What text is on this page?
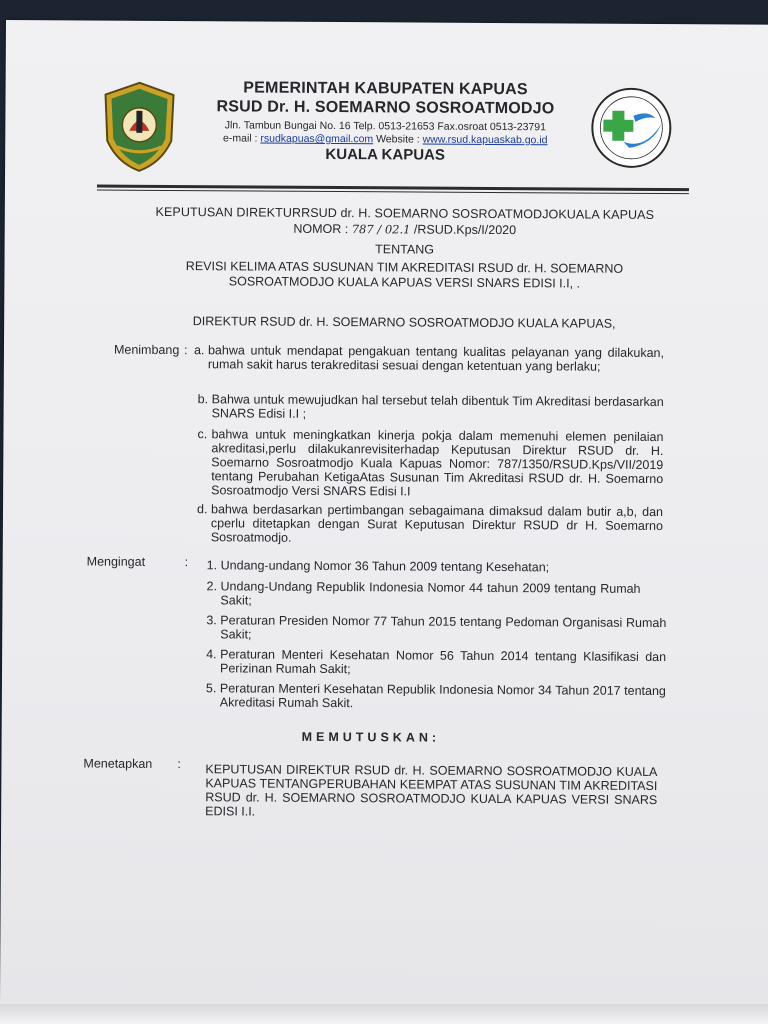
PEMERINTAH KABUPATEN KAPUAS
RSUD Dr. H. SOEMARNO SOSROATMODJO
Jln. Tambun Bungai No. 16 Telp. 0513-21653 Fax.osroat 0513-23791
e-mail : rsudkapuas@gmail.com Website : www.rsud.kapuaskab.go.id
KUALA KAPUAS
KEPUTUSAN DIREKTURRSUD dr. H. SOEMARNO SOSROATMODJOKUALA KAPUAS
NOMOR : 787 / 02.1 /RSUD.Kps/I/2020
TENTANG
REVISI KELIMA ATAS SUSUNAN TIM AKREDITASI RSUD dr. H. SOEMARNO
SOSROATMODJO KUALA KAPUAS VERSI SNARS EDISI I.I, .
DIREKTUR RSUD dr. H. SOEMARNO SOSROATMODJO KUALA KAPUAS,
Menimbang : a. bahwa untuk mendapat pengakuan tentang kualitas pelayanan yang dilakukan, rumah sakit harus terakreditasi sesuai dengan ketentuan yang berlaku;
b. Bahwa untuk mewujudkan hal tersebut telah dibentuk Tim Akreditasi berdasarkan SNARS Edisi I.I ;
c. bahwa untuk meningkatkan kinerja pokja dalam memenuhi elemen penilaian akreditasi,perlu dilakukanrevisiterhadap Keputusan Direktur RSUD dr. H. Soemarno Sosroatmodjo Kuala Kapuas Nomor: 787/1350/RSUD.Kps/VII/2019 tentang Perubahan KetigaAtas Susunan Tim Akreditasi RSUD dr. H. Soemarno Sosroatmodjo Versi SNARS Edisi I.I
d. bahwa berdasarkan pertimbangan sebagaimana dimaksud dalam butir a,b, dan cperlu ditetapkan dengan Surat Keputusan Direktur RSUD dr H. Soemarno Sosroatmodjo.
Mengingat	: 1. Undang-undang Nomor 36 Tahun 2009 tentang Kesehatan;
2. Undang-Undang Republik Indonesia Nomor 44 tahun 2009 tentang Rumah Sakit;
3. Peraturan Presiden Nomor 77 Tahun 2015 tentang Pedoman Organisasi Rumah Sakit;
4. Peraturan Menteri Kesehatan Nomor 56 Tahun 2014 tentang Klasifikasi dan Perizinan Rumah Sakit;
5. Peraturan Menteri Kesehatan Republik Indonesia Nomor 34 Tahun 2017 tentang Akreditasi Rumah Sakit.
MEMUTUSKAN:
Menetapkan : KEPUTUSAN DIREKTUR RSUD dr. H. SOEMARNO SOSROATMODJO KUALA KAPUAS TENTANGPERUBAHAN KEEMPAT ATAS SUSUNAN TIM AKREDITASI RSUD dr. H. SOEMARNO SOSROATMODJO KUALA KAPUAS VERSI SNARS EDISI I.I.
